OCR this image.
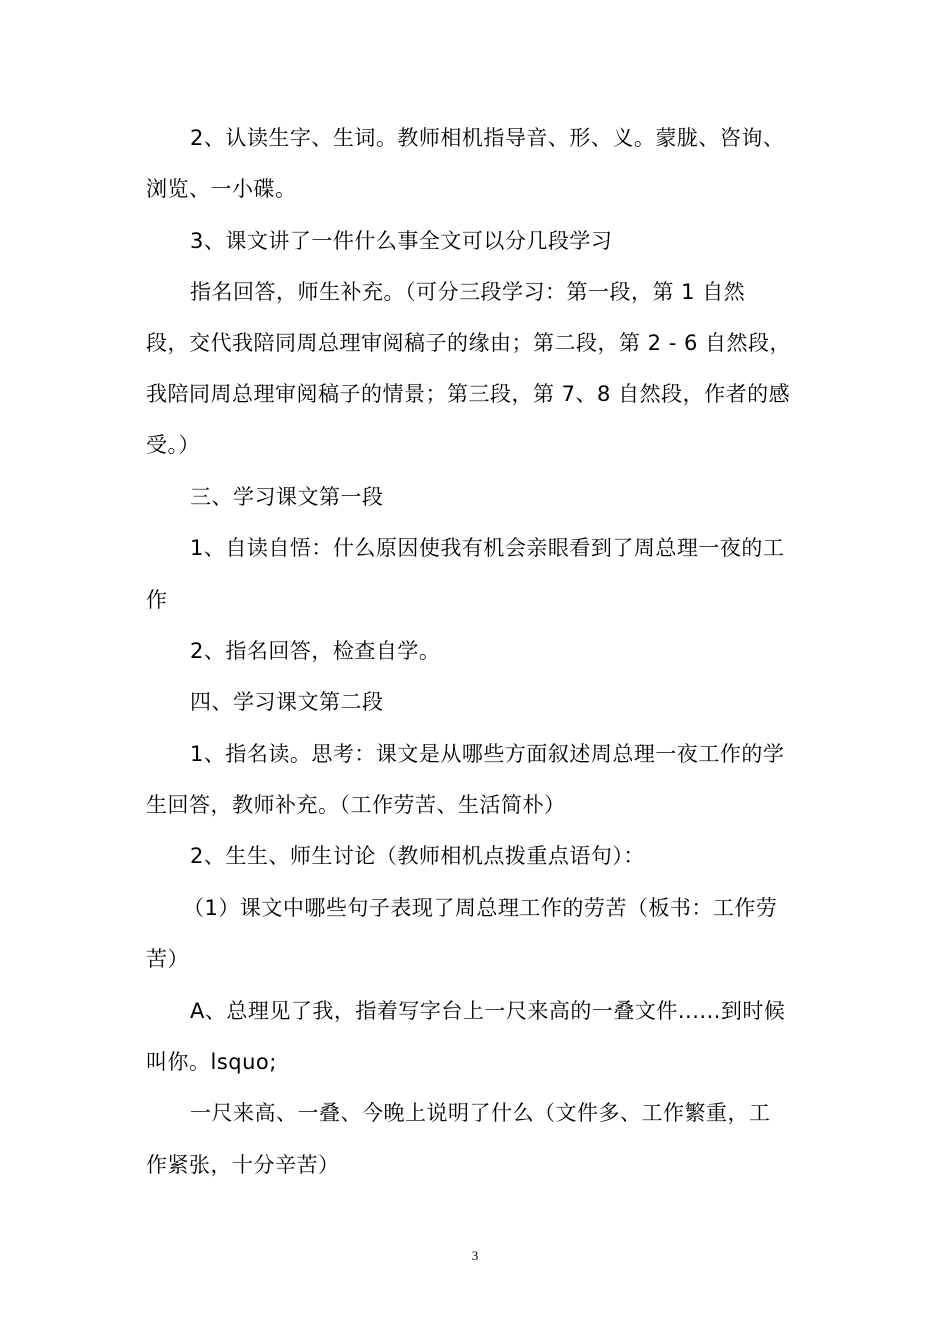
2、认读生字、生词。教师相机指导音、形、义。蒙胧、咨询、
浏览、一小碟。
3、课文讲了一件什么事全文可以分几段学习
指名回答，师生补充。（可分三段学习：第一段，第 1 自然
段，交代我陪同周总理审阅稿子的缘由；第二段，第 2 - 6 自然段，
我陪同周总理审阅稿子的情景；第三段，第 7、8 自然段，作者的感
受。）
三、学习课文第一段
1、自读自悟：什么原因使我有机会亲眼看到了周总理一夜的工
作
2、指名回答，检查自学。
四、学习课文第二段
1、指名读。思考：课文是从哪些方面叙述周总理一夜工作的学
生回答，教师补充。（工作劳苦、生活简朴）
2、生生、师生讨论（教师相机点拨重点语句）：
（1）课文中哪些句子表现了周总理工作的劳苦（板书：工作劳
苦）
A、总理见了我，指着写字台上一尺来高的一叠文件......到时候
叫你。lsquo;
一尺来高、一叠、今晚上说明了什么（文件多、工作繁重，工
作紧张，十分辛苦）
3
